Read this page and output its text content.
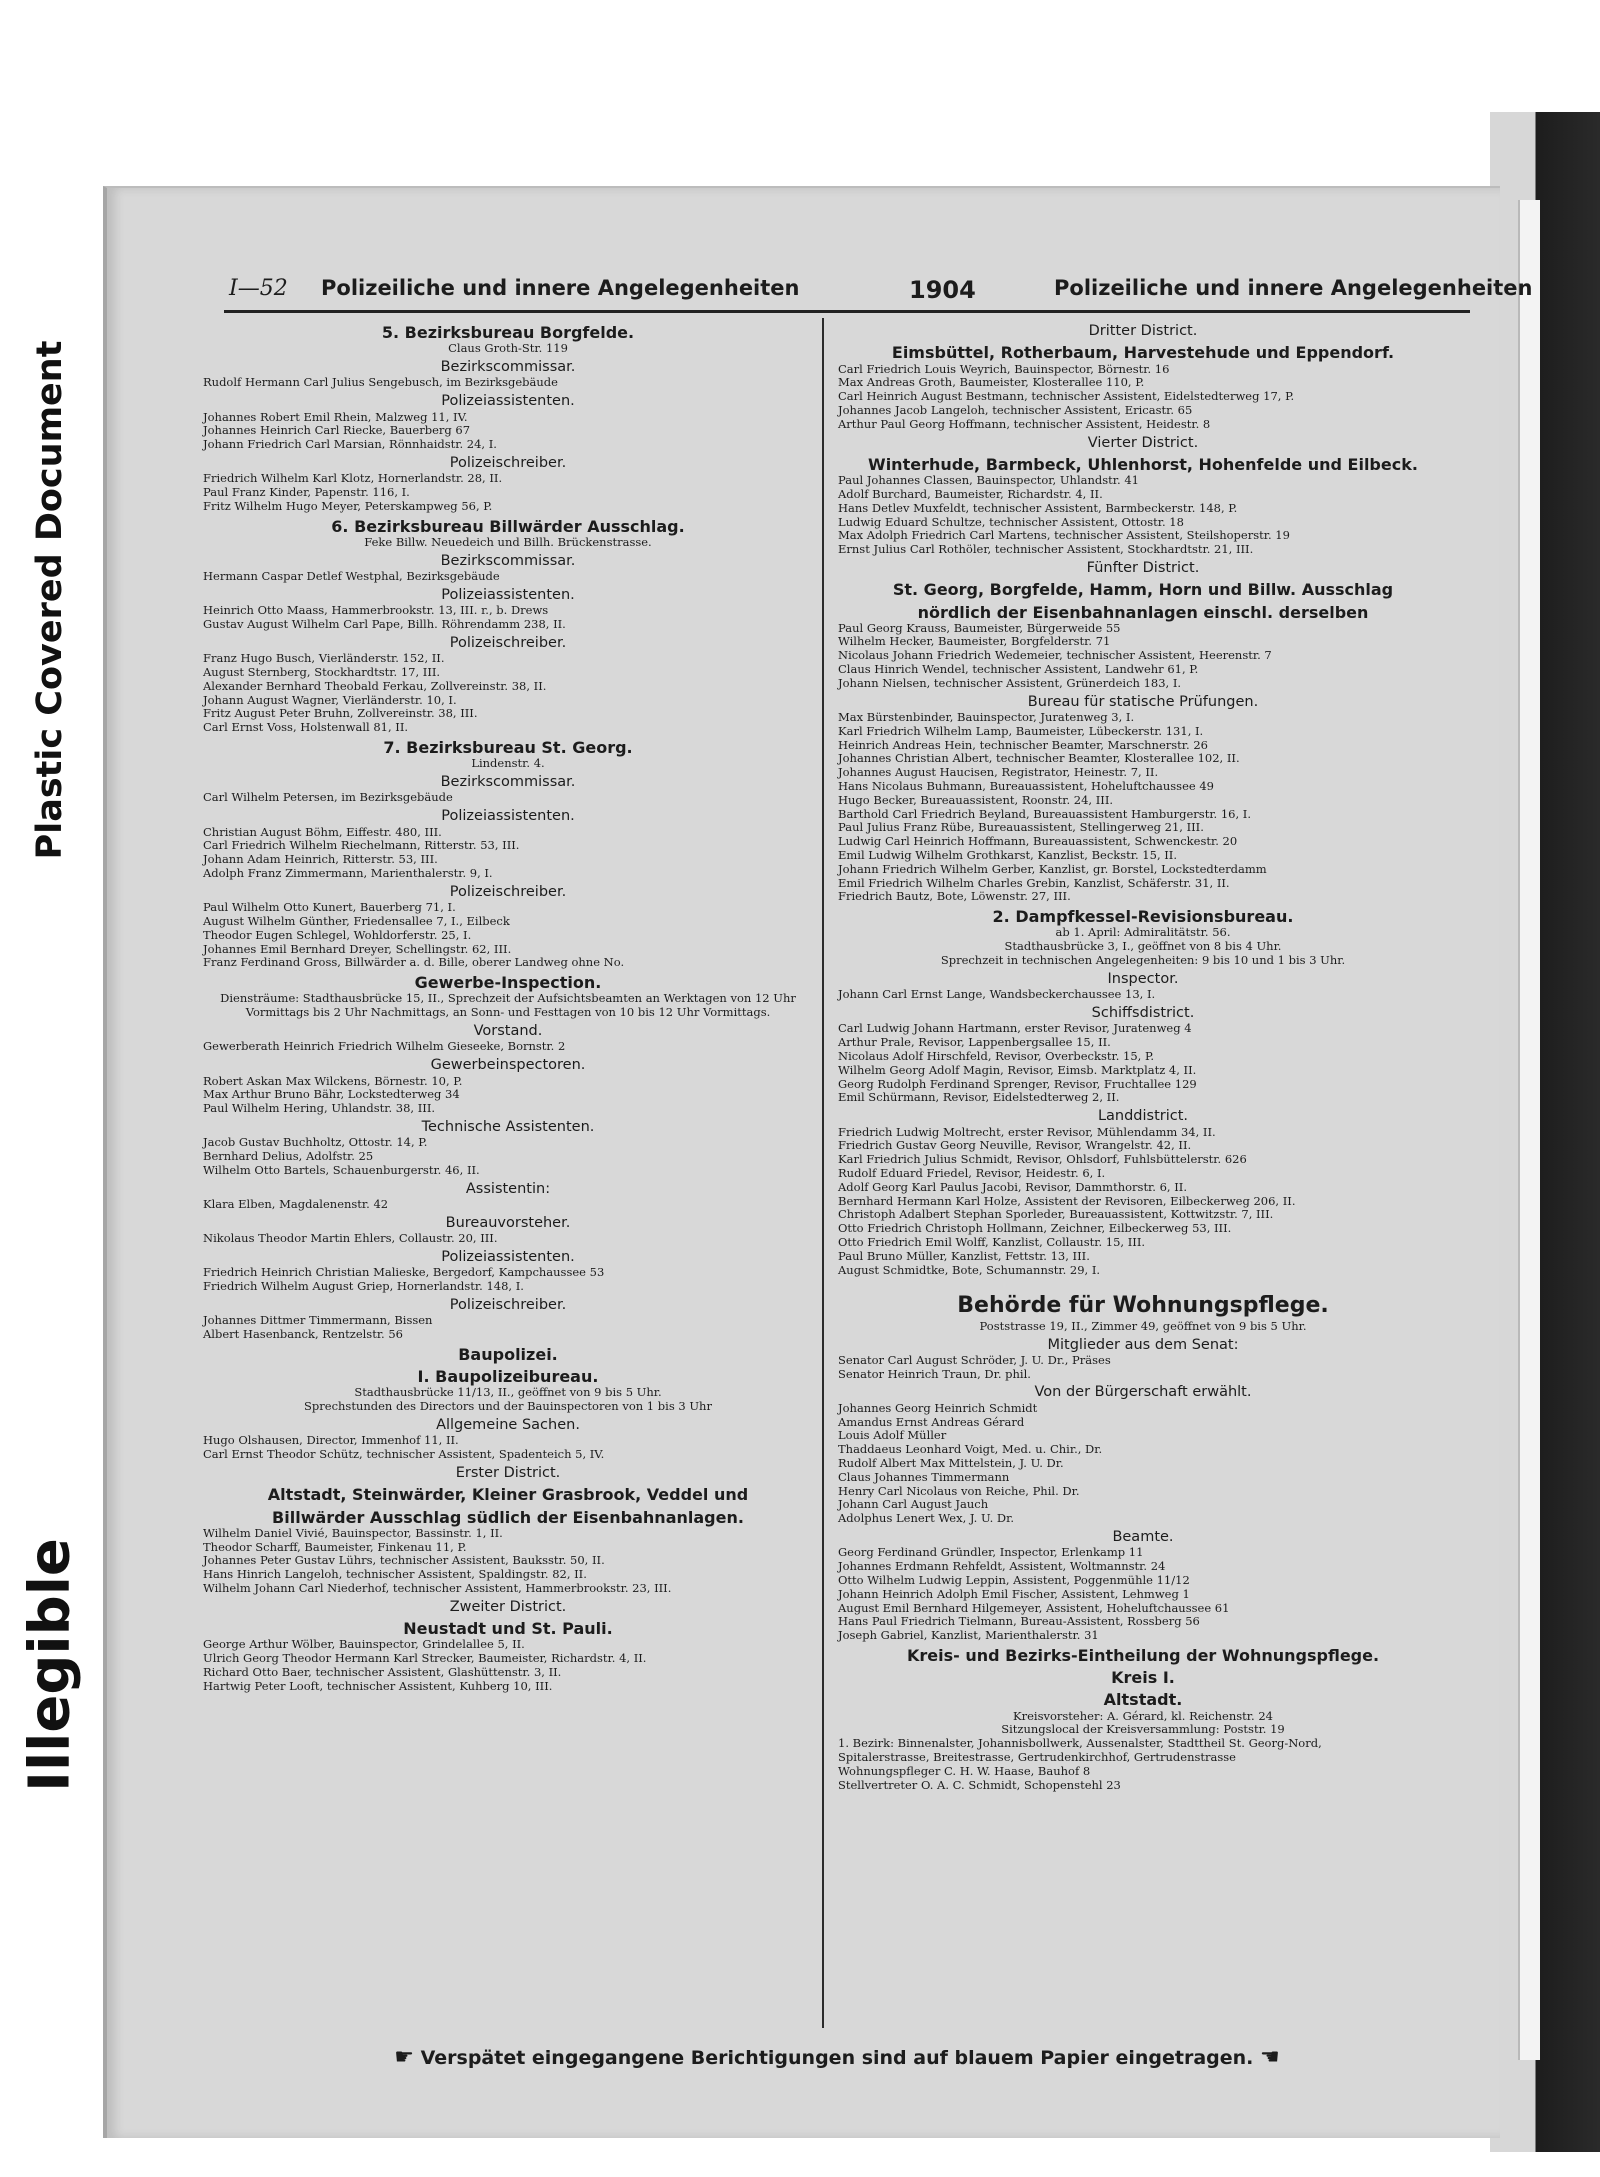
Plastic Covered Document
Illegible
I—52 Polizeiliche und innere Angelegenheiten	1904	Polizeiliche und innere Angelegenheiten
5. Bezirksbureau Borgfelde.
Claus Groth-Str. 119
Bezirkscommissar.
Rudolf Hermann Carl Julius Sengebusch, im Bezirksgebäude
Polizeiassistenten.
Johannes Robert Emil Rhein, Malzweg 11, IV.
Johannes Heinrich Carl Riecke, Bauerberg 67
Johann Friedrich Carl Marsian, Rönnhaidstr. 24, I.
Polizeischreiber.
Friedrich Wilhelm Karl Klotz, Hornerlandstr. 28, II.
Paul Franz Kinder, Papenstr. 116, I.
Fritz Wilhelm Hugo Meyer, Peterskampweg 56, P.
6. Bezirksbureau Billwärder Ausschlag.
Feke Billw. Neuedeich und Billh. Brückenstrasse.
Bezirkscommissar.
Hermann Caspar Detlef Westphal, Bezirksgebäude
Polizeiassistenten.
Heinrich Otto Maass, Hammerbrookstr. 13, III. r., b. Drews
Gustav August Wilhelm Carl Pape, Billh. Röhrendamm 238, II.
Polizeischreiber.
Franz Hugo Busch, Vierländerstr. 152, II.
August Sternberg, Stockhardtstr. 17, III.
Alexander Bernhard Theobald Ferkau, Zollvereinstr. 38, II.
Johann August Wagner, Vierländerstr. 10, I.
Fritz August Peter Bruhn, Zollvereinstr. 38, III.
Carl Ernst Voss, Holstenwall 81, II.
7. Bezirksbureau St. Georg.
Lindenstr. 4.
Bezirkscommissar.
Carl Wilhelm Petersen, im Bezirksgebäude
Polizeiassistenten.
Christian August Böhm, Eiffestr. 480, III.
Carl Friedrich Wilhelm Riechelmann, Ritterstr. 53, III.
Johann Adam Heinrich, Ritterstr. 53, III.
Adolph Franz Zimmermann, Marienthalerstr. 9, I.
Polizeischreiber.
Paul Wilhelm Otto Kunert, Bauerberg 71, I.
August Wilhelm Günther, Friedensallee 7, I., Eilbeck
Theodor Eugen Schlegel, Wohldorferstr. 25, I.
Johannes Emil Bernhard Dreyer, Schellingstr. 62, III.
Franz Ferdinand Gross, Billwärder a. d. Bille, oberer Landweg ohne No.
Gewerbe-Inspection.
Diensträume: Stadthausbrücke 15, II., Sprechzeit der Aufsichtsbeamten an Werktagen von 12 Uhr Vormittags bis 2 Uhr Nachmittags, an Sonn- und Festtagen von 10 bis 12 Uhr Vormittags.
Vorstand.
Gewerberath Heinrich Friedrich Wilhelm Gieseeke, Bornstr. 2
Gewerbeinspectoren.
Robert Askan Max Wilckens, Börnestr. 10, P.
Max Arthur Bruno Bähr, Lockstedterweg 34
Paul Wilhelm Hering, Uhlandstr. 38, III.
Technische Assistenten.
Jacob Gustav Buchholtz, Ottostr. 14, P.
Bernhard Delius, Adolfstr. 25
Wilhelm Otto Bartels, Schauenburgerstr. 46, II.
Assistentin:
Klara Elben, Magdalenenstr. 42
Bureauvorsteher.
Nikolaus Theodor Martin Ehlers, Collaustr. 20, III.
Polizeiassistenten.
Friedrich Heinrich Christian Malieske, Bergedorf, Kampchaussee 53
Friedrich Wilhelm August Griep, Hornerlandstr. 148, I.
Polizeischreiber.
Johannes Dittmer Timmermann, Bissen
Albert Hasenbanck, Rentzelstr. 56
Baupolizei.
I. Baupolizeibureau.
Stadthausbrücke 11/13, II., geöffnet von 9 bis 5 Uhr.
Sprechstunden des Directors und der Bauinspectoren von 1 bis 3 Uhr
Allgemeine Sachen.
Hugo Olshausen, Director, Immenhof 11, II.
Carl Ernst Theodor Schütz, technischer Assistent, Spadenteich 5, IV.
Erster District.
Altstadt, Steinwärder, Kleiner Grasbrook, Veddel und
Billwärder Ausschlag südlich der Eisenbahnanlagen.
Wilhelm Daniel Vivié, Bauinspector, Bassinstr. 1, II.
Theodor Scharff, Baumeister, Finkenau 11, P.
Johannes Peter Gustav Lührs, technischer Assistent, Bauksstr. 50, II.
Hans Hinrich Langeloh, technischer Assistent, Spaldingstr. 82, II.
Wilhelm Johann Carl Niederhof, technischer Assistent, Hammerbrookstr. 23, III.
Zweiter District.
Neustadt und St. Pauli.
George Arthur Wölber, Bauinspector, Grindelallee 5, II.
Ulrich Georg Theodor Hermann Karl Strecker, Baumeister, Richardstr. 4, II.
Richard Otto Baer, technischer Assistent, Glashüttenstr. 3, II.
Hartwig Peter Looft, technischer Assistent, Kuhberg 10, III.
Dritter District.
Eimsbüttel, Rotherbaum, Harvestehude und Eppendorf.
Carl Friedrich Louis Weyrich, Bauinspector, Börnestr. 16
Max Andreas Groth, Baumeister, Klosterallee 110, P.
Carl Heinrich August Bestmann, technischer Assistent, Eidelstedterweg 17, P.
Johannes Jacob Langeloh, technischer Assistent, Ericastr. 65
Arthur Paul Georg Hoffmann, technischer Assistent, Heidestr. 8
Vierter District.
Winterhude, Barmbeck, Uhlenhorst, Hohenfelde und Eilbeck.
Paul Johannes Classen, Bauinspector, Uhlandstr. 41
Adolf Burchard, Baumeister, Richardstr. 4, II.
Hans Detlev Muxfeldt, technischer Assistent, Barmbeckerstr. 148, P.
Ludwig Eduard Schultze, technischer Assistent, Ottostr. 18
Max Adolph Friedrich Carl Martens, technischer Assistent, Steilshoperstr. 19
Ernst Julius Carl Rothöler, technischer Assistent, Stockhardtstr. 21, III.
Fünfter District.
St. Georg, Borgfelde, Hamm, Horn und Billw. Ausschlag
nördlich der Eisenbahnanlagen einschl. derselben
Paul Georg Krauss, Baumeister, Bürgerweide 55
Wilhelm Hecker, Baumeister, Borgfelderstr. 71
Nicolaus Johann Friedrich Wedemeier, technischer Assistent, Heerenstr. 7
Claus Hinrich Wendel, technischer Assistent, Landwehr 61, P.
Johann Nielsen, technischer Assistent, Grünerdeich 183, I.
Bureau für statische Prüfungen.
Max Bürstenbinder, Bauinspector, Juratenweg 3, I.
Karl Friedrich Wilhelm Lamp, Baumeister, Lübeckerstr. 131, I.
Heinrich Andreas Hein, technischer Beamter, Marschnerstr. 26
Johannes Christian Albert, technischer Beamter, Klosterallee 102, II.
Johannes August Haucisen, Registrator, Heinestr. 7, II.
Hans Nicolaus Buhmann, Bureauassistent, Hoheluftchaussee 49
Hugo Becker, Bureauassistent, Roonstr. 24, III.
Barthold Carl Friedrich Beyland, Bureauassistent Hamburgerstr. 16, I.
Paul Julius Franz Rübe, Bureauassistent, Stellingerweg 21, III.
Ludwig Carl Heinrich Hoffmann, Bureauassistent, Schwenckestr. 20
Emil Ludwig Wilhelm Grothkarst, Kanzlist, Beckstr. 15, II.
Johann Friedrich Wilhelm Gerber, Kanzlist, gr. Borstel, Lockstedterdamm
Emil Friedrich Wilhelm Charles Grebin, Kanzlist, Schäferstr. 31, II.
Friedrich Bautz, Bote, Löwenstr. 27, III.
2. Dampfkessel-Revisionsbureau.
ab 1. April: Admiralitätstr. 56.
Stadthausbrücke 3, I., geöffnet von 8 bis 4 Uhr.
Sprechzeit in technischen Angelegenheiten: 9 bis 10 und 1 bis 3 Uhr.
Inspector.
Johann Carl Ernst Lange, Wandsbeckerchaussee 13, I.
Schiffsdistrict.
Carl Ludwig Johann Hartmann, erster Revisor, Juratenweg 4
Arthur Prale, Revisor, Lappenbergsallee 15, II.
Nicolaus Adolf Hirschfeld, Revisor, Overbeckstr. 15, P.
Wilhelm Georg Adolf Magin, Revisor, Eimsb. Marktplatz 4, II.
Georg Rudolph Ferdinand Sprenger, Revisor, Fruchtallee 129
Emil Schürmann, Revisor, Eidelstedterweg 2, II.
Landdistrict.
Friedrich Ludwig Moltrecht, erster Revisor, Mühlendamm 34, II.
Friedrich Gustav Georg Neuville, Revisor, Wrangelstr. 42, II.
Karl Friedrich Julius Schmidt, Revisor, Ohlsdorf, Fuhlsbüttelerstr. 626
Rudolf Eduard Friedel, Revisor, Heidestr. 6, I.
Adolf Georg Karl Paulus Jacobi, Revisor, Dammthorstr. 6, II.
Bernhard Hermann Karl Holze, Assistent der Revisoren, Eilbeckerweg 206, II.
Christoph Adalbert Stephan Sporleder, Bureauassistent, Kottwitzstr. 7, III.
Otto Friedrich Christoph Hollmann, Zeichner, Eilbeckerweg 53, III.
Otto Friedrich Emil Wolff, Kanzlist, Collaustr. 15, III.
Paul Bruno Müller, Kanzlist, Fettstr. 13, III.
August Schmidtke, Bote, Schumannstr. 29, I.
Behörde für Wohnungspflege.
Poststrasse 19, II., Zimmer 49, geöffnet von 9 bis 5 Uhr.
Mitglieder aus dem Senat:
Senator Carl August Schröder, J. U. Dr., Präses
Senator Heinrich Traun, Dr. phil.
Von der Bürgerschaft erwählt.
Johannes Georg Heinrich Schmidt
Amandus Ernst Andreas Gérard
Louis Adolf Müller
Thaddaeus Leonhard Voigt, Med. u. Chir., Dr.
Rudolf Albert Max Mittelstein, J. U. Dr.
Claus Johannes Timmermann
Henry Carl Nicolaus von Reiche, Phil. Dr.
Johann Carl August Jauch
Adolphus Lenert Wex, J. U. Dr.
Beamte.
Georg Ferdinand Gründler, Inspector, Erlenkamp 11
Johannes Erdmann Rehfeldt, Assistent, Woltmannstr. 24
Otto Wilhelm Ludwig Leppin, Assistent, Poggenmühle 11/12
Johann Heinrich Adolph Emil Fischer, Assistent, Lehmweg 1
August Emil Bernhard Hilgemeyer, Assistent, Hoheluftchaussee 61
Hans Paul Friedrich Tielmann, Bureau-Assistent, Rossberg 56
Joseph Gabriel, Kanzlist, Marienthalerstr. 31
Kreis- und Bezirks-Eintheilung der Wohnungspflege.
Kreis I.
Altstadt.
Kreisvorsteher: A. Gérard, kl. Reichenstr. 24
Sitzungslocal der Kreisversammlung: Poststr. 19
1. Bezirk: Binnenalster, Johannisbollwerk, Aussenalster, Stadttheil St. Georg-Nord,
Spitalerstrasse, Breitestrasse, Gertrudenkirchhof, Gertrudenstrasse
Wohnungspfleger C. H. W. Haase, Bauhof 8
Stellvertreter O. A. C. Schmidt, Schopenstehl 23
☛ Verspätet eingegangene Berichtigungen sind auf blauem Papier eingetragen. ☚
